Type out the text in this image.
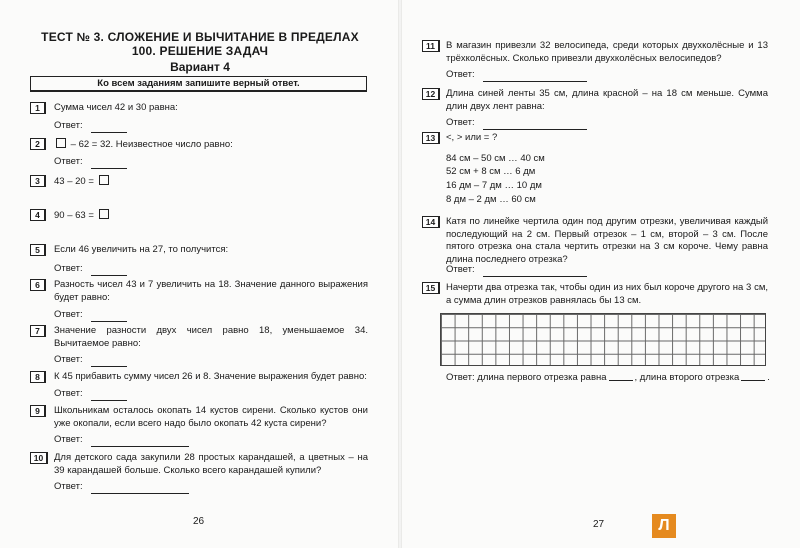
ТЕСТ № 3. СЛОЖЕНИЕ И ВЫЧИТАНИЕ В ПРЕДЕЛАХ 100. РЕШЕНИЕ ЗАДАЧ
Вариант 4
Ко всем заданиям запишите верный ответ.
1	Сумма чисел 42 и 30 равна:
Ответ:
2	– 62 = 32. Неизвестное число равно:
Ответ:
3	43 – 20 =
4	90 – 63 =
5	Если 46 увеличить на 27, то получится:
Ответ:
6	Разность чисел 43 и 7 увеличить на 18. Значение данного выражения будет равно:
Ответ:
7	Значение разности двух чисел равно 18, уменьшаемое 34. Вычитаемое равно:
Ответ:
8	К 45 прибавить сумму чисел 26 и 8. Значение выражения будет равно:
Ответ:
9	Школьникам осталось окопать 14 кустов сирени. Сколько кустов они уже окопали, если всего надо было окопать 42 куста сирени?
Ответ:
10	Для детского сада закупили 28 простых карандашей, а цветных – на 39 карандашей больше. Сколько всего карандашей купили?
Ответ:
26
11	В магазин привезли 32 велосипеда, среди которых двухколёсные и 13 трёхколёсных. Сколько привезли двухколёсных велосипедов?
Ответ:
12	Длина синей ленты 35 см, длина красной – на 18 см меньше. Сумма длин двух лент равна:
Ответ:
13	<, > или = ?
84 см – 50 см … 40 см
52 см + 8 см … 6 дм
16 дм – 7 дм … 10 дм
8 дм – 2 дм … 60 см
14	Катя по линейке чертила один под другим отрезки, увеличивая каждый последующий на 2 см. Первый отрезок – 1 см, второй – 3 см. После пятого отрезка она стала чертить отрезки на 3 см короче. Чему равна длина последнего отрезка?
Ответ:
15	Начерти два отрезка так, чтобы один из них был короче другого на 3 см, а сумма длин отрезков равнялась бы 13 см.
Ответ: длина первого отрезка равна	, длина второго отрезка	.
27	Л
